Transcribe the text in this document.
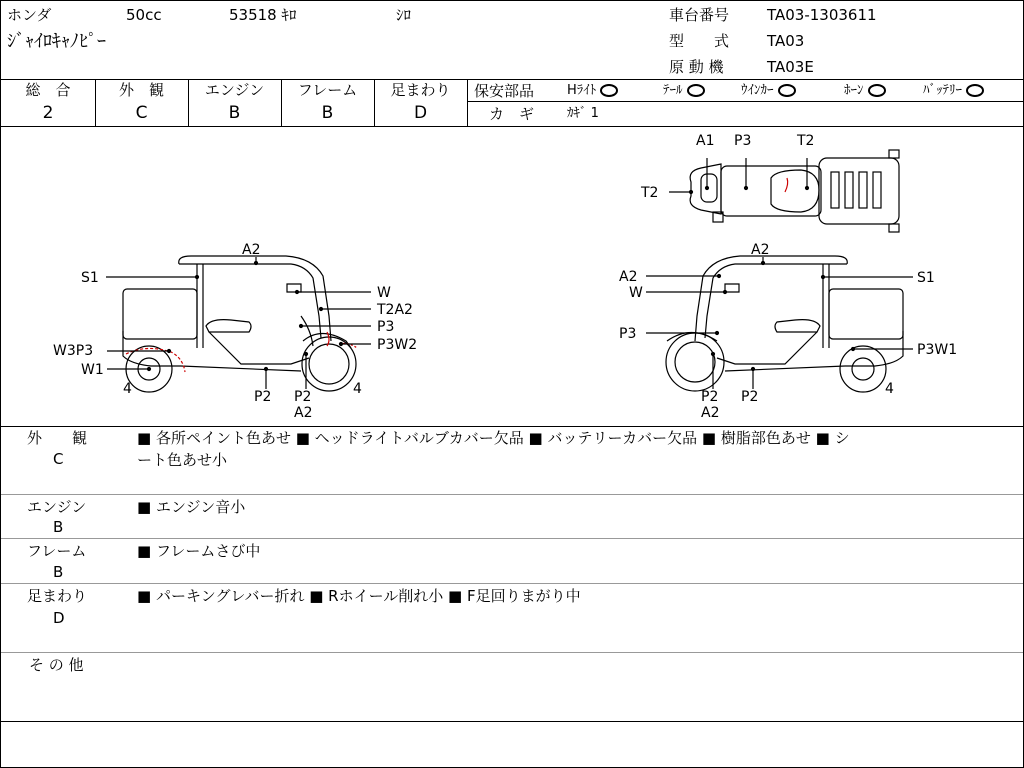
ホンダ	50cc	53518 ｷﾛ	ｼﾛ
ｼﾞｬｲﾛｷｬﾉﾋﾟｰ
車台番号	TA03-1303611
型　　式	TA03
原 動 機	TA03E
総　合	外　観	エンジン	フレーム	足まわり
2	C	B	B	D
保安部品	Hﾗｲﾄ	ﾃｰﾙ	ｳｲﾝｶｰ	ﾎｰﾝ	ﾊﾞｯﾃﾘｰ
カ　ギ	ｶｷﾞ 1
A2
S1
W
T2A2
P3
W3P3	P3W2
W1
4	P2 P2
A2
4
A2
A2	S1
W
P3
P3W1
P2 P2
A2
4
A1 P3	T2
T2
外　　観
C
■ 各所ペイント色あせ ■ ヘッドライトバルブカバー欠品 ■ バッテリーカバー欠品 ■ 樹脂部色あせ ■ シ
ート色あせ小
エンジン
B
■ エンジン音小
フレーム
B
■ フレームさび中
足まわり
D
■ パーキングレバー折れ ■ Rホイール削れ小 ■ F足回りまがり中
そ の 他
